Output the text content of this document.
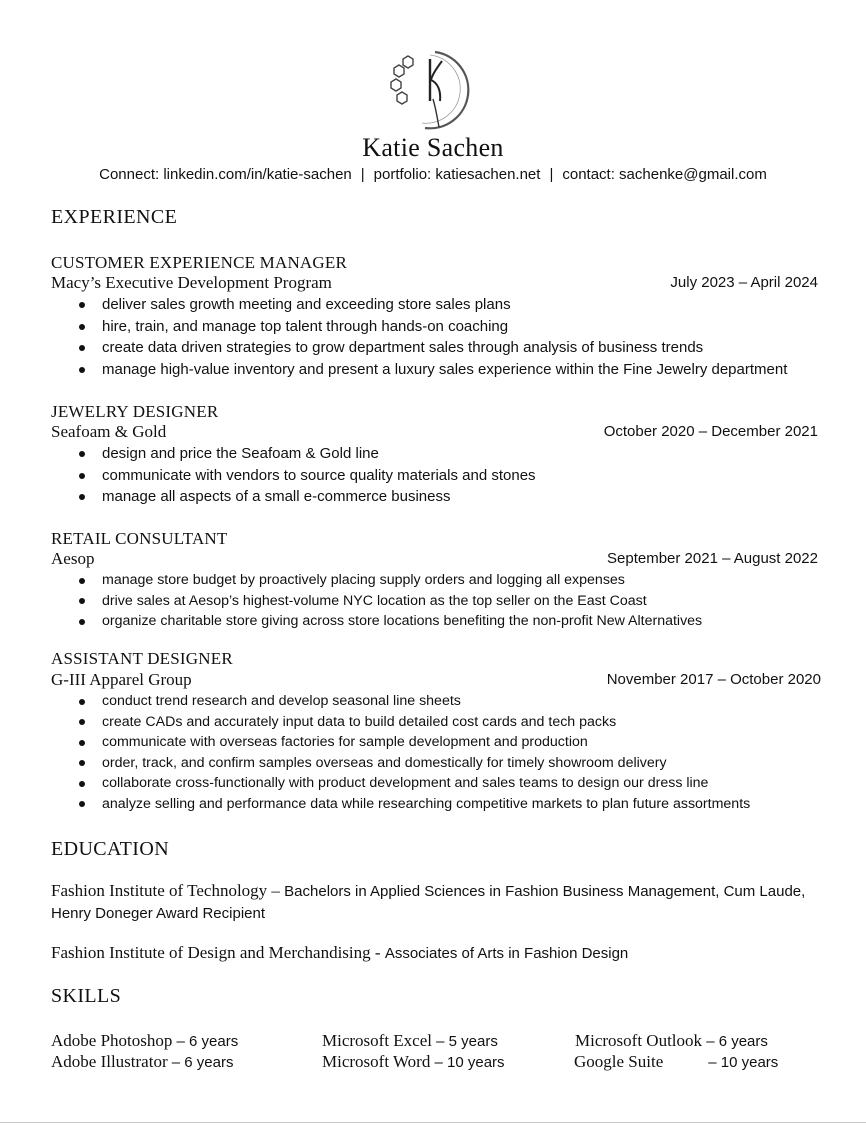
Katie Sachen
Connect: linkedin.com/in/katie-sachen | portfolio: katiesachen.net | contact: sachenke@gmail.com
EXPERIENCE
CUSTOMER EXPERIENCE MANAGER
Macy’s Executive Development Program	July 2023 – April 2024
deliver sales growth meeting and exceeding store sales plans
hire, train, and manage top talent through hands-on coaching
create data driven strategies to grow department sales through analysis of business trends
manage high-value inventory and present a luxury sales experience within the Fine Jewelry department
JEWELRY DESIGNER
Seafoam & Gold	October 2020 – December 2021
design and price the Seafoam & Gold line
communicate with vendors to source quality materials and stones
manage all aspects of a small e-commerce business
RETAIL CONSULTANT
Aesop	September 2021 – August 2022
manage store budget by proactively placing supply orders and logging all expenses
drive sales at Aesop’s highest-volume NYC location as the top seller on the East Coast
organize charitable store giving across store locations benefiting the non-profit New Alternatives
ASSISTANT DESIGNER
G-III Apparel Group	November 2017 – October 2020
conduct trend research and develop seasonal line sheets
create CADs and accurately input data to build detailed cost cards and tech packs
communicate with overseas factories for sample development and production
order, track, and confirm samples overseas and domestically for timely showroom delivery
collaborate cross-functionally with product development and sales teams to design our dress line
analyze selling and performance data while researching competitive markets to plan future assortments
EDUCATION
Fashion Institute of Technology – Bachelors in Applied Sciences in Fashion Business Management, Cum Laude, Henry Doneger Award Recipient
Fashion Institute of Design and Merchandising - Associates of Arts in Fashion Design
SKILLS
Adobe Photoshop – 6 years	Microsoft Excel – 5 years	Microsoft Outlook – 6 years
Adobe Illustrator – 6 years	Microsoft Word – 10 years	Google Suite	– 10 years
